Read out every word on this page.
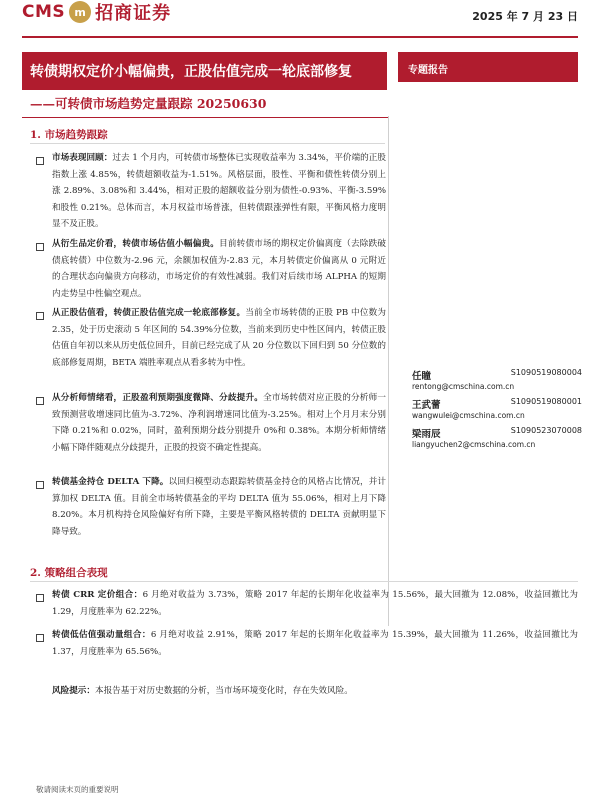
CMS m 招商证券	2025 年 7 月 23 日
转债期权定价小幅偏贵，正股估值完成一轮底部修复
——可转债市场趋势定量跟踪 20250630
专题报告
1. 市场趋势跟踪
市场表现回顾：过去 1 个月内，可转债市场整体已实现收益率为 3.34%，平价端的正股指数上涨 4.85%，转债超额收益为-1.51%。风格层面，股性、平衡和债性转债分别上涨 2.89%、3.08%和 3.44%，相对正股的超额收益分别为债性-0.93%、平衡-3.59%和股性 0.21%。总体而言，本月权益市场普涨，但转债跟涨弹性有限，平衡风格力度明显不及正股。
从衍生品定价看，转债市场估值小幅偏贵。目前转债市场的期权定价偏离度（去除跌破债底转债）中位数为-2.96 元，余额加权值为-2.83 元，本月转债定价偏离从 0 元附近的合理状态向偏贵方向移动，市场定价的有效性减弱。我们对后续市场 ALPHA 的短期内走势呈中性偏空观点。
从正股估值看，转债正股估值完成一轮底部修复。当前全市场转债的正股 PB 中位数为 2.35，处于历史滚动 5 年区间的 54.39%分位数，当前来到历史中性区间内，转债正股估值自年初以来从历史低位回升，目前已经完成了从 20 分位数以下回归到 50 分位数的底部修复周期，BETA 端胜率观点从看多转为中性。
从分析师情绪看，正股盈利预期强度微降、分歧提升。全市场转债对应正股的分析师一致预测营收增速同比值为-3.72%、净利润增速同比值为-3.25%。相对上个月月末分别下降 0.21%和 0.02%，同时，盈利预期分歧分别提升 0%和 0.38%。本期分析师情绪小幅下降伴随观点分歧提升，正股的投资不确定性提高。
转债基金持仓 DELTA 下降。以回归模型动态跟踪转债基金持仓的风格占比情况，并计算加权 DELTA 值。目前全市场转债基金的平均 DELTA 值为 55.06%，相对上月下降 8.20%。本月机构持仓风险偏好有所下降，主要是平衡风格转债的 DELTA 贡献明显下降导致。
任瞳	S1090519080004
rentong@cmschina.com.cn
王武蕾	S1090519080001
wangwulei@cmschina.com.cn
梁雨辰	S1090523070008
liangyuchen2@cmschina.com.cn
2. 策略组合表现
转债 CRR 定价组合：6 月绝对收益为 3.73%，策略 2017 年起的长期年化收益率为 15.56%，最大回撤为 12.08%，收益回撤比为 1.29，月度胜率为 62.22%。
转债低估值强动量组合：6 月绝对收益 2.91%，策略 2017 年起的长期年化收益率为 15.39%，最大回撤为 11.26%，收益回撤比为 1.37，月度胜率为 65.56%。
风险提示：本报告基于对历史数据的分析，当市场环境变化时，存在失效风险。
敬请阅读末页的重要说明
